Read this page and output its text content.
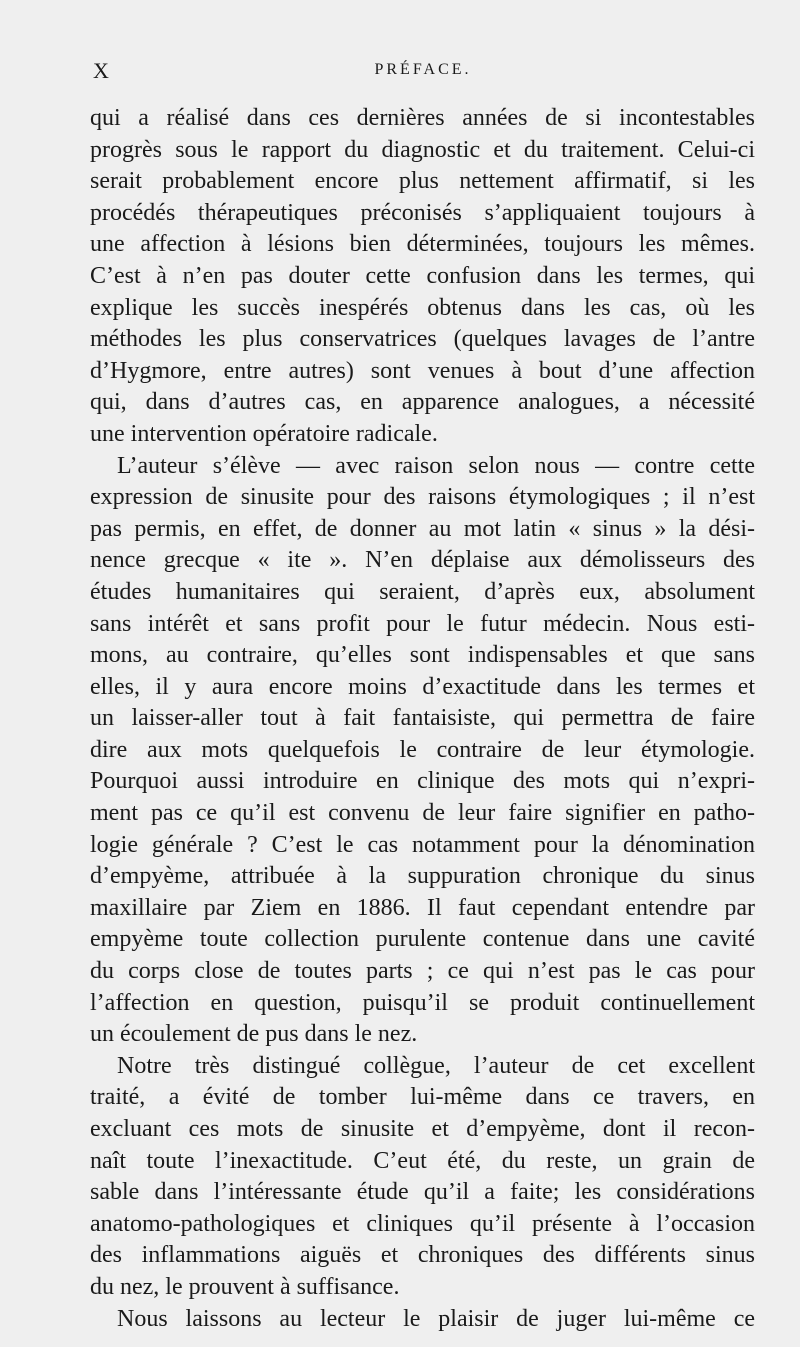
X	PRÉFACE.
qui a réalisé dans ces dernières années de si incontestables
progrès sous le rapport du diagnostic et du traitement. Celui-ci
serait probablement encore plus nettement affirmatif, si les
procédés thérapeutiques préconisés s’appliquaient toujours à
une affection à lésions bien déterminées, toujours les mêmes.
C’est à n’en pas douter cette confusion dans les termes, qui
explique les succès inespérés obtenus dans les cas, où les
méthodes les plus conservatrices (quelques lavages de l’antre
d’Hygmore, entre autres) sont venues à bout d’une affection
qui, dans d’autres cas, en apparence analogues, a nécessité
une intervention opératoire radicale.
L’auteur s’élève — avec raison selon nous — contre cette
expression de sinusite pour des raisons étymologiques ; il n’est
pas permis, en effet, de donner au mot latin « sinus » la dési-
nence grecque « ite ». N’en déplaise aux démolisseurs des
études humanitaires qui seraient, d’après eux, absolument
sans intérêt et sans profit pour le futur médecin. Nous esti-
mons, au contraire, qu’elles sont indispensables et que sans
elles, il y aura encore moins d’exactitude dans les termes et
un laisser-aller tout à fait fantaisiste, qui permettra de faire
dire aux mots quelquefois le contraire de leur étymologie.
Pourquoi aussi introduire en clinique des mots qui n’expri-
ment pas ce qu’il est convenu de leur faire signifier en patho-
logie générale ? C’est le cas notamment pour la dénomination
d’empyème, attribuée à la suppuration chronique du sinus
maxillaire par Ziem en 1886. Il faut cependant entendre par
empyème toute collection purulente contenue dans une cavité
du corps close de toutes parts ; ce qui n’est pas le cas pour
l’affection en question, puisqu’il se produit continuellement
un écoulement de pus dans le nez.
Notre très distingué collègue, l’auteur de cet excellent
traité, a évité de tomber lui-même dans ce travers, en
excluant ces mots de sinusite et d’empyème, dont il recon-
naît toute l’inexactitude. C’eut été, du reste, un grain de
sable dans l’intéressante étude qu’il a faite; les considérations
anatomo-pathologiques et cliniques qu’il présente à l’occasion
des inflammations aiguës et chroniques des différents sinus
du nez, le prouvent à suffisance.
Nous laissons au lecteur le plaisir de juger lui-même ce
